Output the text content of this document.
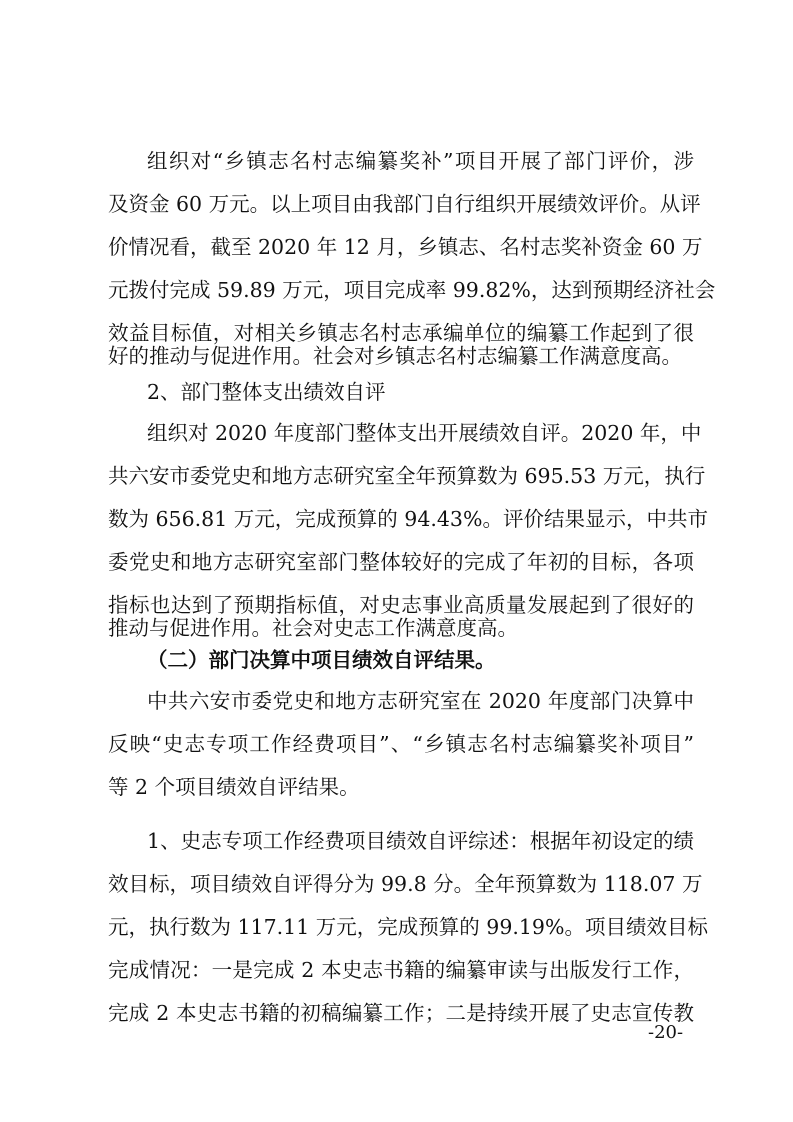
组织对“乡镇志名村志编纂奖补”项目开展了部门评价，涉
及资金 60 万元。以上项目由我部门自行组织开展绩效评价。从评
价情况看，截至 2020 年 12 月，乡镇志、名村志奖补资金 60 万
元拨付完成 59.89 万元，项目完成率 99.82%，达到预期经济社会
效益目标值，对相关乡镇志名村志承编单位的编纂工作起到了很
好的推动与促进作用。社会对乡镇志名村志编纂工作满意度高。
2、部门整体支出绩效自评
组织对 2020 年度部门整体支出开展绩效自评。2020 年，中
共六安市委党史和地方志研究室全年预算数为 695.53 万元，执行
数为 656.81 万元，完成预算的 94.43%。评价结果显示，中共市
委党史和地方志研究室部门整体较好的完成了年初的目标，各项
指标也达到了预期指标值，对史志事业高质量发展起到了很好的
推动与促进作用。社会对史志工作满意度高。
（二）部门决算中项目绩效自评结果。
中共六安市委党史和地方志研究室在 2020 年度部门决算中
反映“史志专项工作经费项目”、“乡镇志名村志编纂奖补项目”
等 2 个项目绩效自评结果。
1、史志专项工作经费项目绩效自评综述：根据年初设定的绩
效目标，项目绩效自评得分为 99.8 分。全年预算数为 118.07 万
元，执行数为 117.11 万元，完成预算的 99.19%。项目绩效目标
完成情况：一是完成 2 本史志书籍的编纂审读与出版发行工作，
完成 2 本史志书籍的初稿编纂工作；二是持续开展了史志宣传教
-20-
